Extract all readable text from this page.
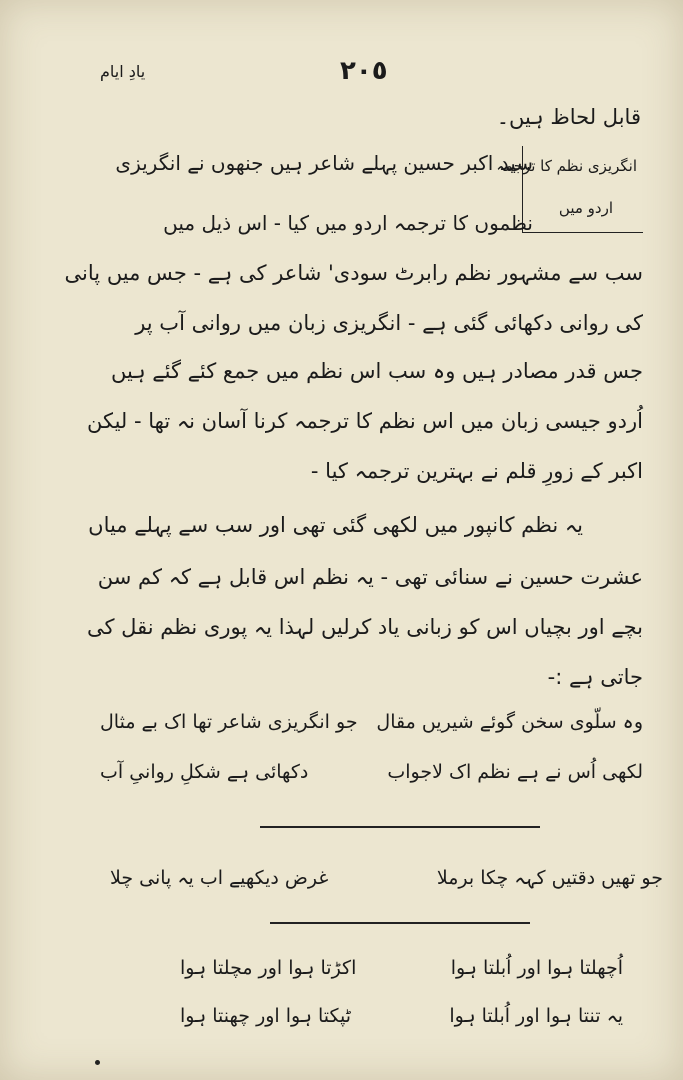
٢٠٥
یادِ ایام
انگریزی نظم کا ترجمہ
اردو میں
قابل لحاظ ہیں۔
سید اکبر حسین پہلے شاعر ہیں جنھوں نے انگریزی
نظموں کا ترجمہ اردو میں کیا - اس ذیل میں
سب سے مشہور نظم رابرٹ سودی' شاعر کی ہے - جس میں پانی
کی روانی دکھائی گئی ہے - انگریزی زبان میں روانی آب پر
جس قدر مصادر ہیں وہ سب اس نظم میں جمع کئے گئے ہیں
اُردو جیسی زبان میں اس نظم کا ترجمہ کرنا آسان نہ تھا - لیکن
اکبر کے زورِ قلم نے بہترین ترجمہ کیا -
یہ نظم کانپور میں لکھی گئی تھی اور سب سے پہلے میاں
عشرت حسین نے سنائی تھی - یہ نظم اس قابل ہے کہ کم سن
بچے اور بچیاں اس کو زبانی یاد کرلیں لہذا یہ پوری نظم نقل کی
جاتی ہے :-
وہ سلّوی سخن گوئے شیریں مقال
جو انگریزی شاعر تھا اک بے مثال
لکھی اُس نے ہے نظم اک لاجواب
دکھائی ہے شکلِ روانیِ آب
جو تھیں دقتیں کہہ چکا برملا
غرض دیکھیے اب یہ پانی چلا
اُچھلتا ہوا اور اُبلتا ہوا
اکڑتا ہوا اور مچلتا ہوا
یہ تنتا ہوا اور اُبلتا ہوا
ٹپکتا ہوا اور چھنتا ہوا
